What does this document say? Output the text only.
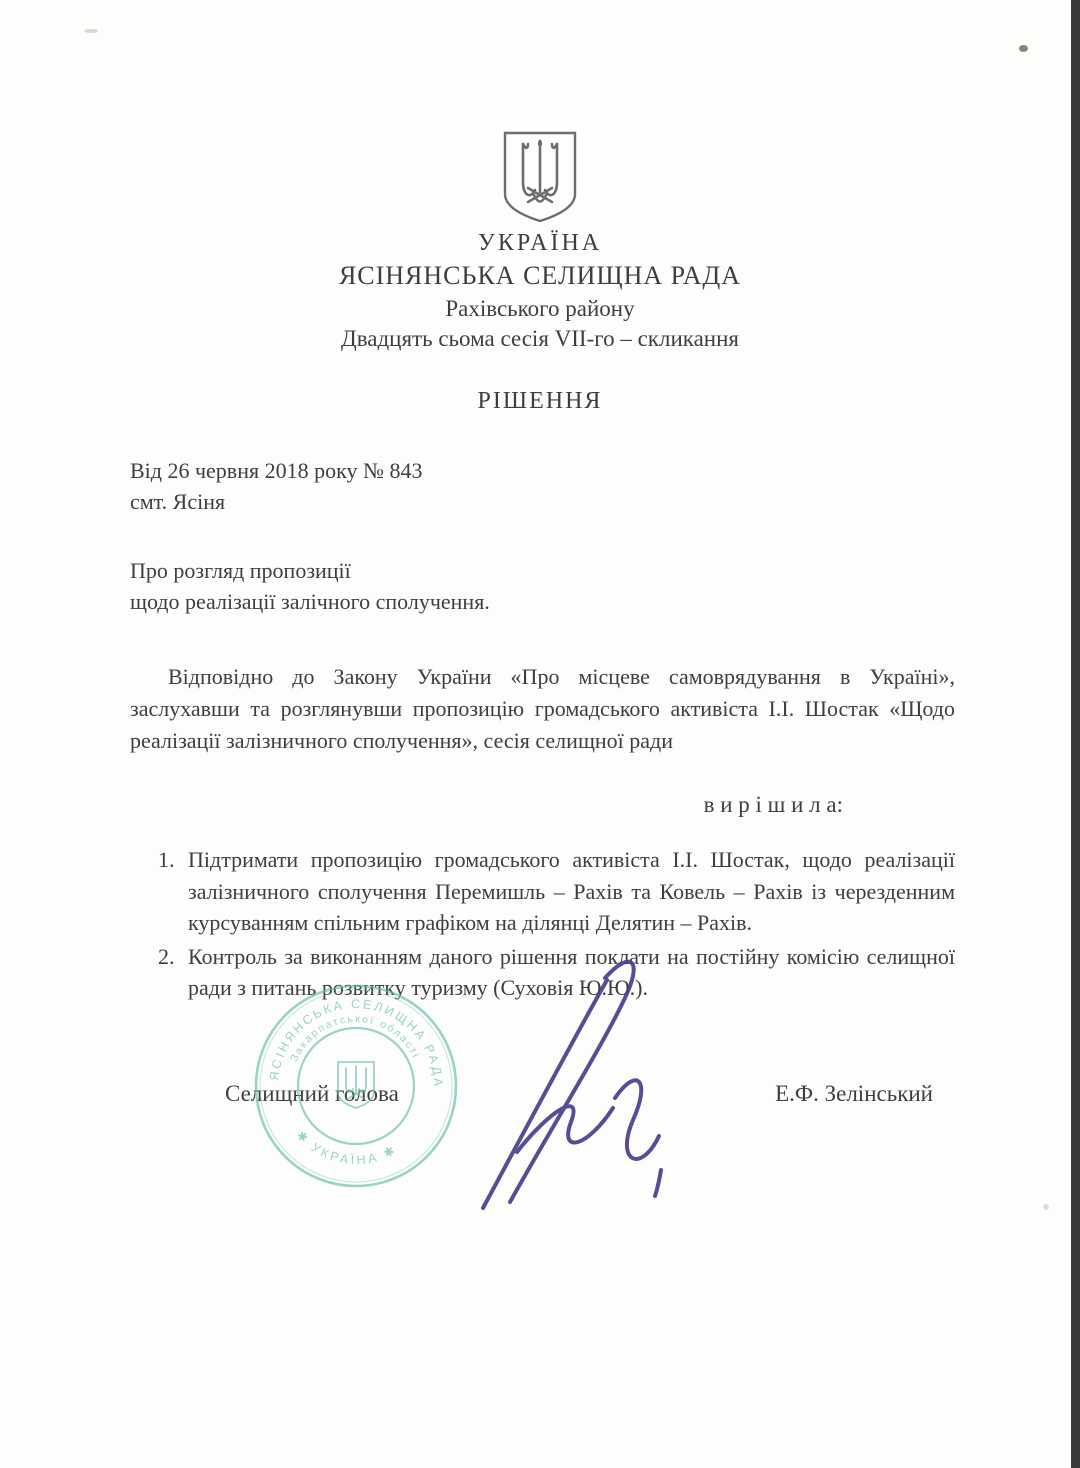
УКРАЇНА
ЯСІНЯНСЬКА СЕЛИЩНА РАДА
Рахівського району
Двадцять сьома сесія VII-го – скликання
РІШЕННЯ
Від 26 червня 2018 року № 843
смт. Ясіня
Про розгляд пропозиції
щодо реалізації залічного сполучення.
Відповідно до Закону України «Про місцеве самоврядування в Україні», заслухавши та розглянувши пропозицію громадського активіста І.І. Шостак «Щодо реалізації залізничного сполучення», сесія селищної ради
в и р і ш и л а:
1. Підтримати пропозицію громадського активіста І.І. Шостак, щодо реалізації залізничного сполучення Перемишль – Рахів та Ковель – Рахів із черезденним курсуванням спільним графіком на ділянці Делятин – Рахів.
2. Контроль за виконанням даного рішення поклати на постійну комісію селищної ради з питань розвитку туризму (Суховія Ю.Ю.).
Селищний голова	Е.Ф. Зелінський
ЯСІНЯНСЬКА СЕЛИЩНА РАДА
Закарпатської області
✱ УКРАЇНА ✱
